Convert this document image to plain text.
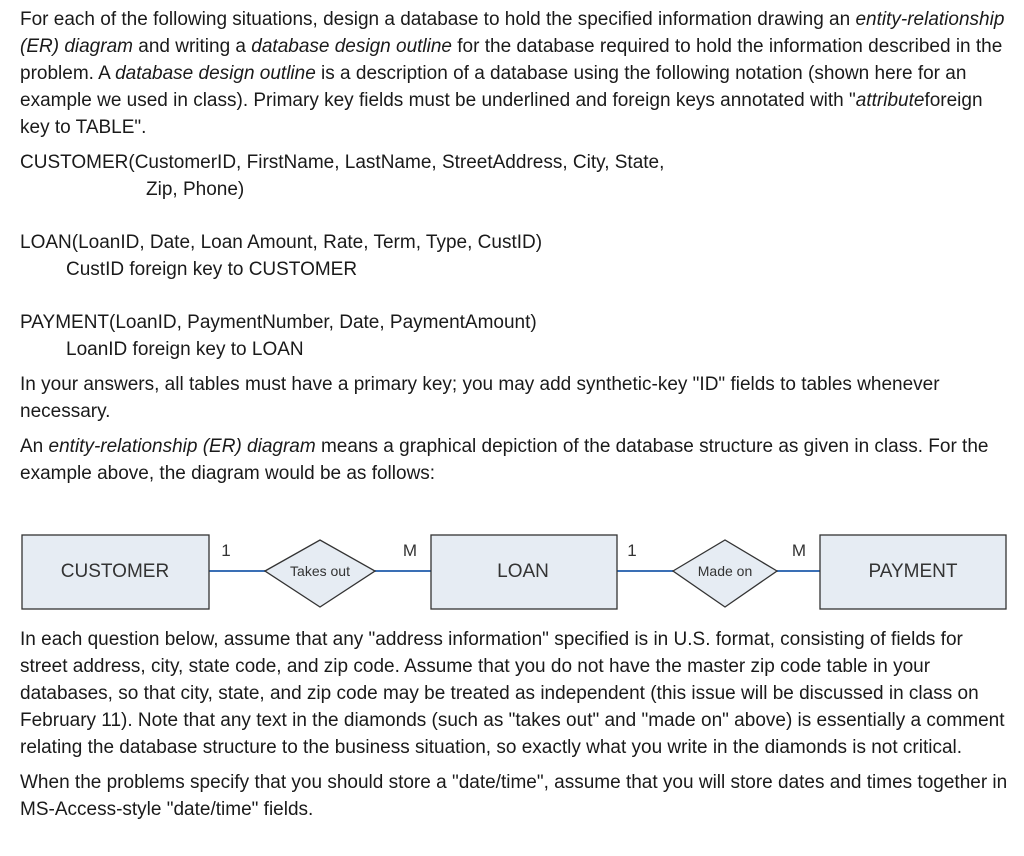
For each of the following situations, design a database to hold the specified information drawing an entity-relationship (ER) diagram and writing a database design outline for the database required to hold the information described in the problem. A database design outline is a description of a database using the following notation (shown here for an example we used in class). Primary key fields must be underlined and foreign keys annotated with "attributeforeign key to TABLE".

CUSTOMER(CustomerID, FirstName, LastName, StreetAddress, City, State,
Zip, Phone)
LOAN(LoanID, Date, Loan Amount, Rate, Term, Type, CustID)
CustID foreign key to CUSTOMER
PAYMENT(LoanID, PaymentNumber, Date, PaymentAmount)
LoanID foreign key to LOAN

In your answers, all tables must have a primary key; you may add synthetic-key "ID" fields to tables whenever necessary.

An entity-relationship (ER) diagram means a graphical depiction of the database structure as given in class. For the example above, the diagram would be as follows:

CUSTOMER	LOAN	PAYMENT
Takes out	Made on
1	M	1	M

In each question below, assume that any "address information" specified is in U.S. format, consisting of fields for street address, city, state code, and zip code. Assume that you do not have the master zip code table in your databases, so that city, state, and zip code may be treated as independent (this issue will be discussed in class on February 11). Note that any text in the diamonds (such as "takes out" and "made on" above) is essentially a comment relating the database structure to the business situation, so exactly what you write in the diamonds is not critical.

When the problems specify that you should store a "date/time", assume that you will store dates and times together in MS-Access-style "date/time" fields.
